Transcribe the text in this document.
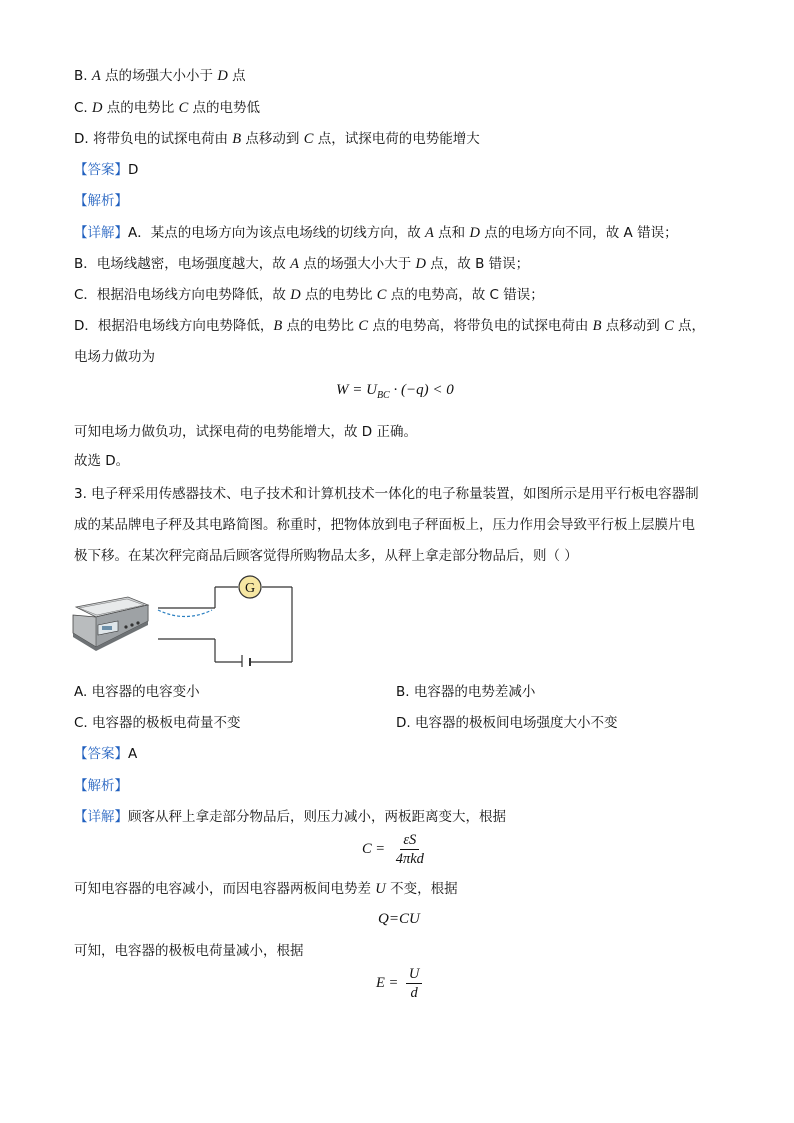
B. A 点的场强大小小于 D 点
C. D 点的电势比 C 点的电势低
D. 将带负电的试探电荷由 B 点移动到 C 点，试探电荷的电势能增大
【答案】D
【解析】
【详解】A．某点的电场方向为该点电场线的切线方向，故 A 点和 D 点的电场方向不同，故 A 错误；
B．电场线越密，电场强度越大，故 A 点的场强大小大于 D 点，故 B 错误；
C．根据沿电场线方向电势降低，故 D 点的电势比 C 点的电势高，故 C 错误；
D．根据沿电场线方向电势降低，B 点的电势比 C 点的电势高，将带负电的试探电荷由 B 点移动到 C 点，
电场力做功为
$W = U_{BC} \cdot (-q) < 0$
可知电场力做负功，试探电荷的电势能增大，故 D 正确。
故选 D。
3. 电子秤采用传感器技术、电子技术和计算机技术一体化的电子称量装置，如图所示是用平行板电容器制
成的某品牌电子秤及其电路简图。称重时，把物体放到电子秤面板上，压力作用会导致平行板上层膜片电
极下移。在某次秤完商品后顾客觉得所购物品太多，从秤上拿走部分物品后，则（ ）
G
A. 电容器的电容变小	B. 电容器的电势差减小
C. 电容器的极板电荷量不变	D. 电容器的极板间电场强度大小不变
【答案】A
【解析】
【详解】顾客从秤上拿走部分物品后，则压力减小，两板距离变大，根据
$C = \frac{\varepsilon S}{\text{4πkd}}$
可知电容器的电容减小，而因电容器两板间电势差 U 不变，根据
Q=CU
可知，电容器的极板电荷量减小，根据
$E = \frac{U}{d}$
